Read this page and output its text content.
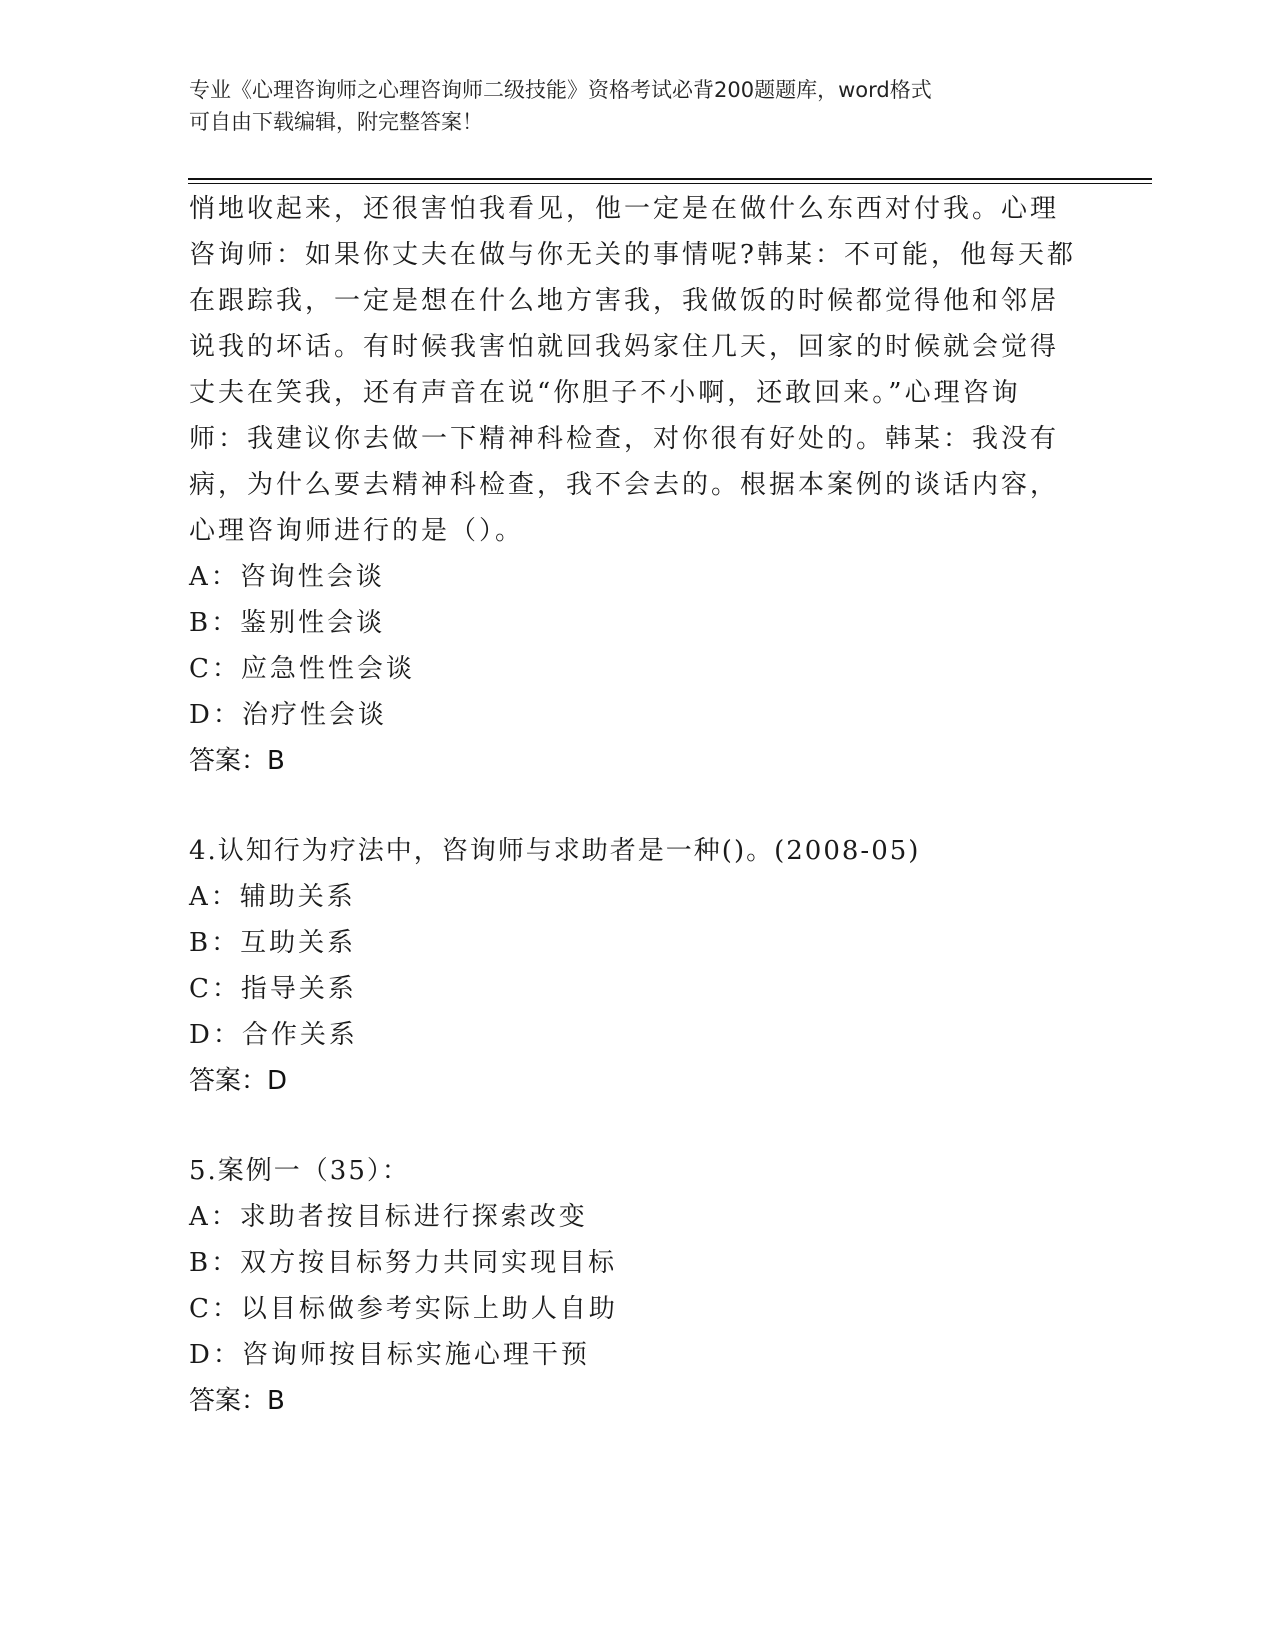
专业《心理咨询师之心理咨询师二级技能》资格考试必背200题题库，word格式
可自由下载编辑，附完整答案！

悄地收起来，还很害怕我看见，他一定是在做什么东西对付我。心理

咨询师：如果你丈夫在做与你无关的事情呢?韩某：不可能，他每天都

在跟踪我，一定是想在什么地方害我，我做饭的时候都觉得他和邻居

说我的坏话。有时候我害怕就回我妈家住几天，回家的时候就会觉得

丈夫在笑我，还有声音在说“你胆子不小啊，还敢回来。”心理咨询

师：我建议你去做一下精神科检查，对你很有好处的。韩某：我没有

病，为什么要去精神科检查，我不会去的。根据本案例的谈话内容，

心理咨询师进行的是（）。

A：咨询性会谈

B：鉴别性会谈

C：应急性性会谈

D：治疗性会谈

答案：B

4.认知行为疗法中，咨询师与求助者是一种()。(2008-05)

A：辅助关系

B：互助关系

C：指导关系

D：合作关系

答案：D

5.案例一（35）：

A：求助者按目标进行探索改变

B：双方按目标努力共同实现目标

C：以目标做参考实际上助人自助

D：咨询师按目标实施心理干预

答案：B
